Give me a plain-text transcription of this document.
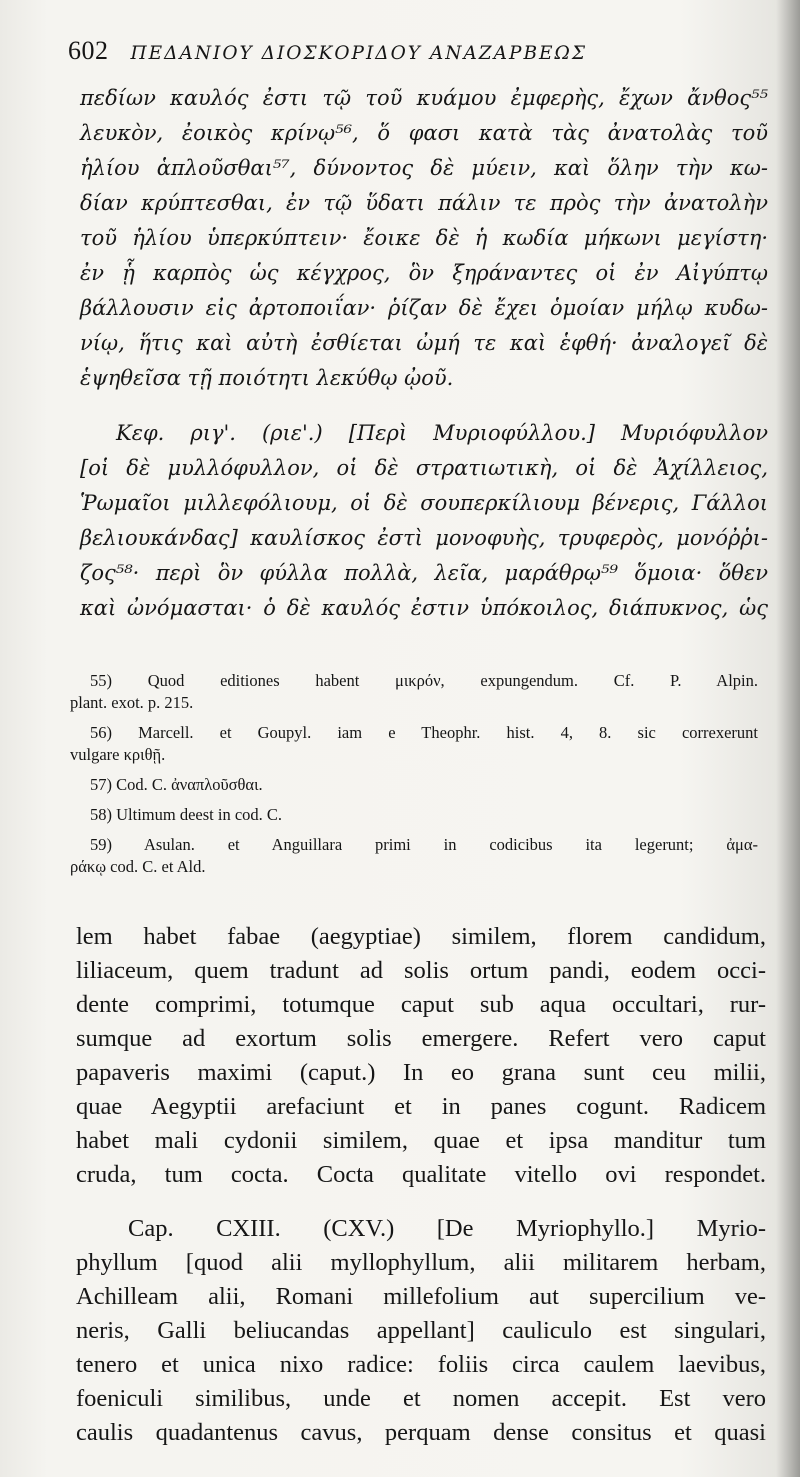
602 ΠΕΔΑΝΙΟΥ ΔΙΟΣΚΟΡΙΔΟΥ ΑΝΑΖΑΡΒΕΩΣ
πεδίων καυλός ἐστι τῷ τοῦ κυάμου ἐμφερὴς, ἔχων ἄνθος⁵⁵
λευκὸν, ἐοικὸς κρίνῳ⁵⁶, ὅ φασι κατὰ τὰς ἀνατολὰς τοῦ
ἡλίου ἁπλοῦσθαι⁵⁷, δύνοντος δὲ μύειν, καὶ ὅλην τὴν κω-
δίαν κρύπτεσθαι, ἐν τῷ ὕδατι πάλιν τε πρὸς τὴν ἀνατολὴν
τοῦ ἡλίου ὑπερκύπτειν· ἔοικε δὲ ἡ κωδία μήκωνι μεγίστη·
ἐν ᾗ καρπὸς ὡς κέγχρος, ὃν ξηράναντες οἱ ἐν Αἰγύπτῳ
βάλλουσιν εἰς ἀρτοποιΐαν· ῥίζαν δὲ ἔχει ὁμοίαν μήλῳ κυδω-
νίῳ, ἥτις καὶ αὐτὴ ἐσθίεται ὠμή τε καὶ ἑφθή· ἀναλογεῖ δὲ
ἑψηθεῖσα τῇ ποιότητι λεκύθῳ ᾠοῦ.
Κεφ. ριγ'. (ριε'.) [Περὶ Μυριοφύλλου.] Μυριόφυλλον
[οἱ δὲ μυλλόφυλλον, οἱ δὲ στρατιωτικὴ, οἱ δὲ Ἀχίλλειος,
Ῥωμαῖοι μιλλεφόλιουμ, οἱ δὲ σουπερκίλιουμ βένερις, Γάλλοι
βελιουκάνδας] καυλίσκος ἐστὶ μονοφυὴς, τρυφερὸς, μονόῤῥι-
ζος⁵⁸· περὶ ὃν φύλλα πολλὰ, λεῖα, μαράθρῳ⁵⁹ ὅμοια· ὅθεν
καὶ ὠνόμασται· ὁ δὲ καυλός ἐστιν ὑπόκοιλος, διάπυκνος, ὡς
55) Quod editiones habent μικρόν, expungendum. Cf. P. Alpin.
plant. exot. p. 215.
56) Marcell. et Goupyl. iam e Theophr. hist. 4, 8. sic correxerunt
vulgare κριθῇ.
57) Cod. C. ἀναπλοῦσθαι.
58) Ultimum deest in cod. C.
59) Asulan. et Anguillara primi in codicibus ita legerunt; ἀμα-
ράκῳ cod. C. et Ald.
lem habet fabae (aegyptiae) similem, florem candidum,
liliaceum, quem tradunt ad solis ortum pandi, eodem occi-
dente comprimi, totumque caput sub aqua occultari, rur-
sumque ad exortum solis emergere. Refert vero caput
papaveris maximi (caput.) In eo grana sunt ceu milii,
quae Aegyptii arefaciunt et in panes cogunt. Radicem
habet mali cydonii similem, quae et ipsa manditur tum
cruda, tum cocta. Cocta qualitate vitello ovi respondet.
Cap. CXIII. (CXV.) [De Myriophyllo.] Myrio-
phyllum [quod alii myllophyllum, alii militarem herbam,
Achilleam alii, Romani millefolium aut supercilium ve-
neris, Galli beliucandas appellant] cauliculo est singulari,
tenero et unica nixo radice: foliis circa caulem laevibus,
foeniculi similibus, unde et nomen accepit. Est vero
caulis quadantenus cavus, perquam dense consitus et quasi
